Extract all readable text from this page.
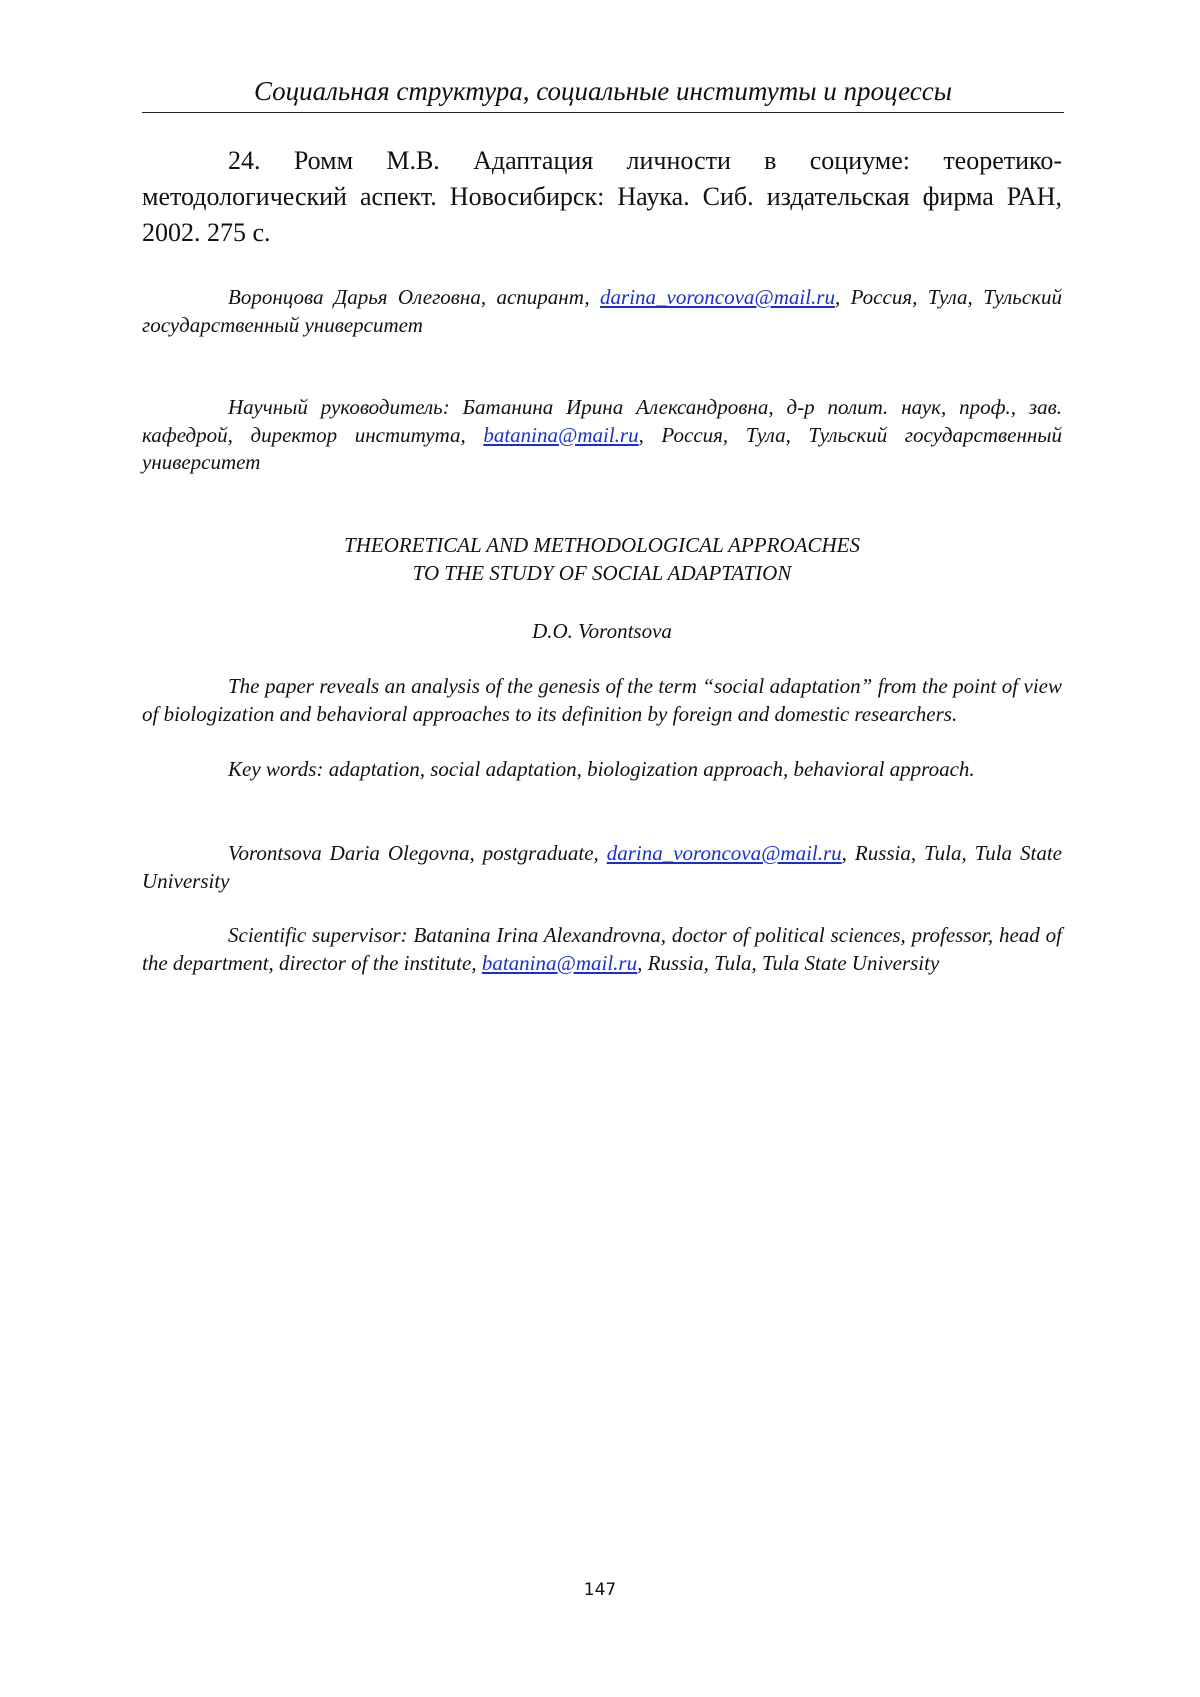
Социальная структура, социальные институты и процессы
24. Ромм М.В. Адаптация личности в социуме: теоретико-методологический аспект. Новосибирск: Наука. Сиб. издательская фирма РАН, 2002. 275 с.
Воронцова Дарья Олеговна, аспирант, darina_voroncova@mail.ru, Россия, Тула, Тульский государственный университет
Научный руководитель: Батанина Ирина Александровна, д-р полит. наук, проф., зав. кафедрой, директор института, batanina@mail.ru, Россия, Тула, Тульский государственный университет
THEORETICAL AND METHODOLOGICAL APPROACHES
TO THE STUDY OF SOCIAL ADAPTATION
D.O. Vorontsova
The paper reveals an analysis of the genesis of the term “social adaptation” from the point of view of biologization and behavioral approaches to its definition by foreign and domestic researchers.
Key words: adaptation, social adaptation, biologization approach, behavioral approach.
Vorontsova Daria Olegovna, postgraduate, darina_voroncova@mail.ru, Russia, Tula, Tula State University
Scientific supervisor: Batanina Irina Alexandrovna, doctor of political sciences, professor, head of the department, director of the institute, batanina@mail.ru, Russia, Tula, Tula State University
147
